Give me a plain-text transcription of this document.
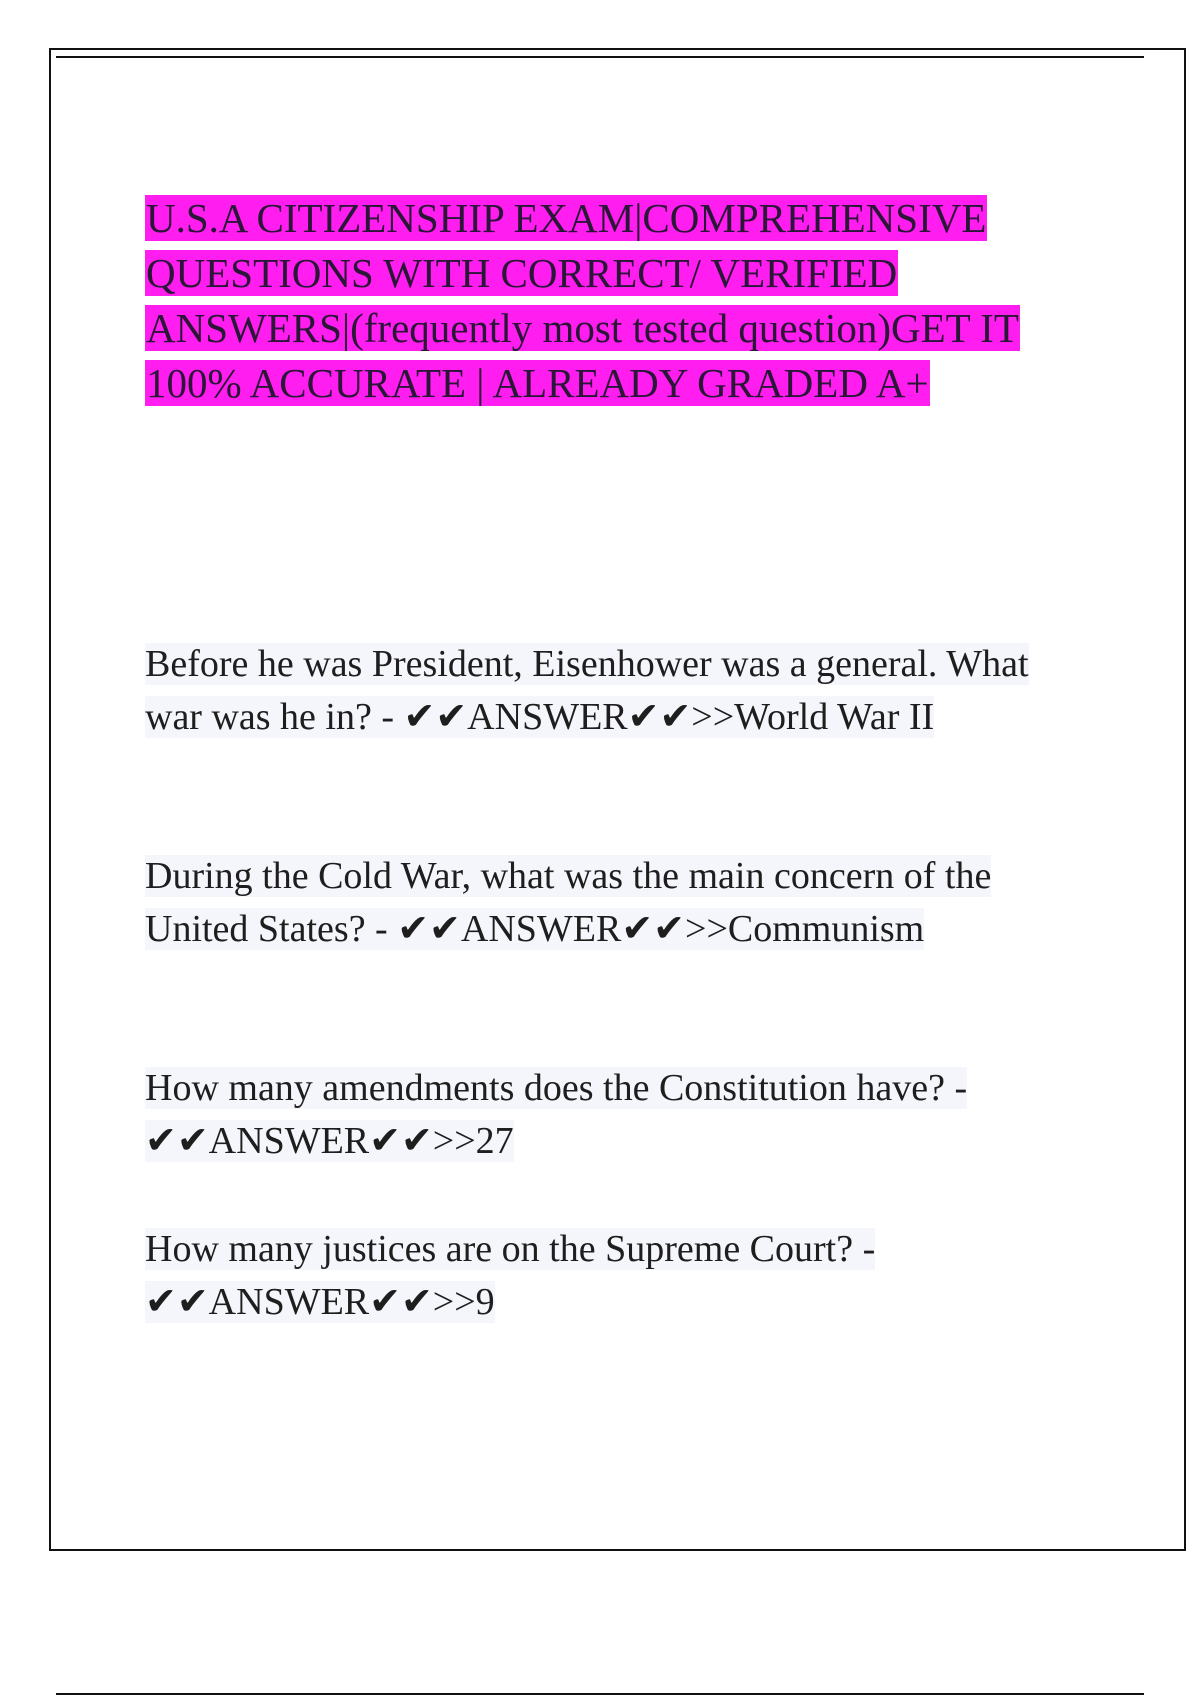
U.S.A CITIZENSHIP EXAM|COMPREHENSIVE QUESTIONS WITH CORRECT/ VERIFIED ANSWERS|(frequently most tested question)GET IT 100% ACCURATE | ALREADY GRADED A+

Before he was President, Eisenhower was a general. What war was he in? - ✔✔ANSWER✔✔>>World War II

During the Cold War, what was the main concern of the United States? - ✔✔ANSWER✔✔>>Communism

How many amendments does the Constitution have? - ✔✔ANSWER✔✔>>27

How many justices are on the Supreme Court? - ✔✔ANSWER✔✔>>9
